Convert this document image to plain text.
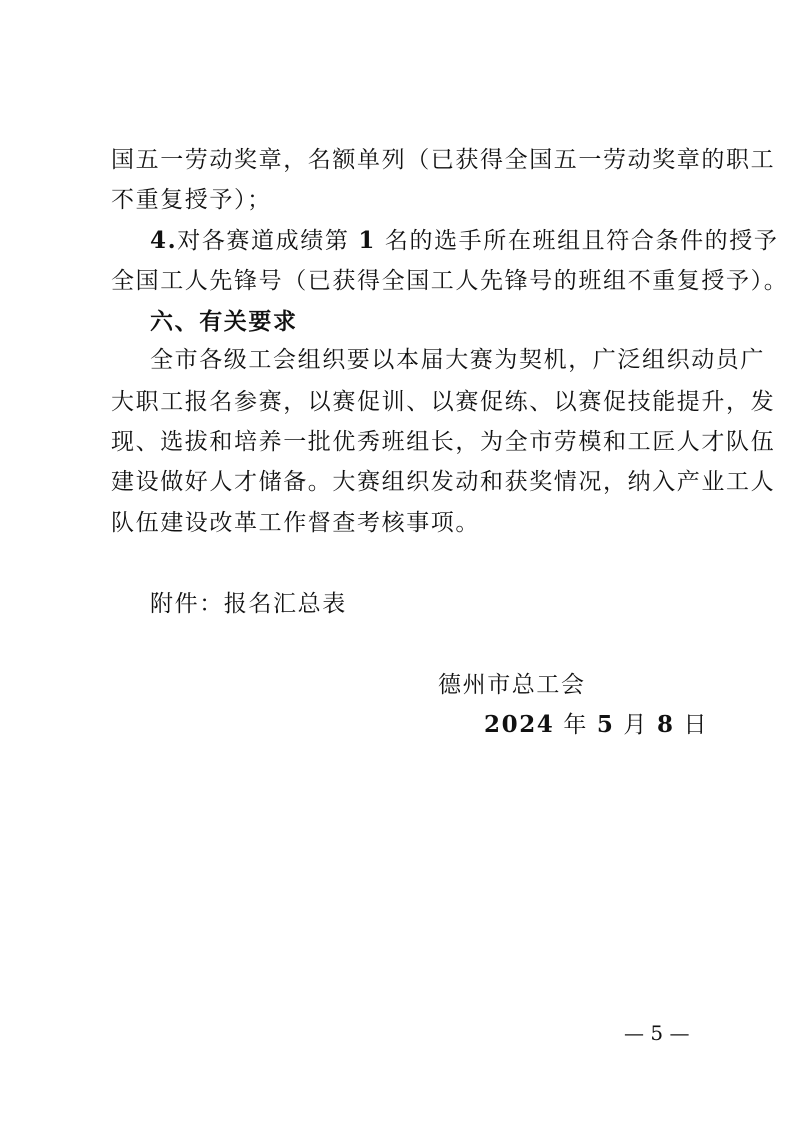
国五一劳动奖章，名额单列（已获得全国五一劳动奖章的职工
不重复授予）；
4.对各赛道成绩第 1 名的选手所在班组且符合条件的授予
全国工人先锋号（已获得全国工人先锋号的班组不重复授予）。
六、有关要求
全市各级工会组织要以本届大赛为契机，广泛组织动员广
大职工报名参赛，以赛促训、以赛促练、以赛促技能提升，发
现、选拔和培养一批优秀班组长，为全市劳模和工匠人才队伍
建设做好人才储备。大赛组织发动和获奖情况，纳入产业工人
队伍建设改革工作督查考核事项。
附件：报名汇总表
德州市总工会
2024 年 5 月 8 日
— 5 —
